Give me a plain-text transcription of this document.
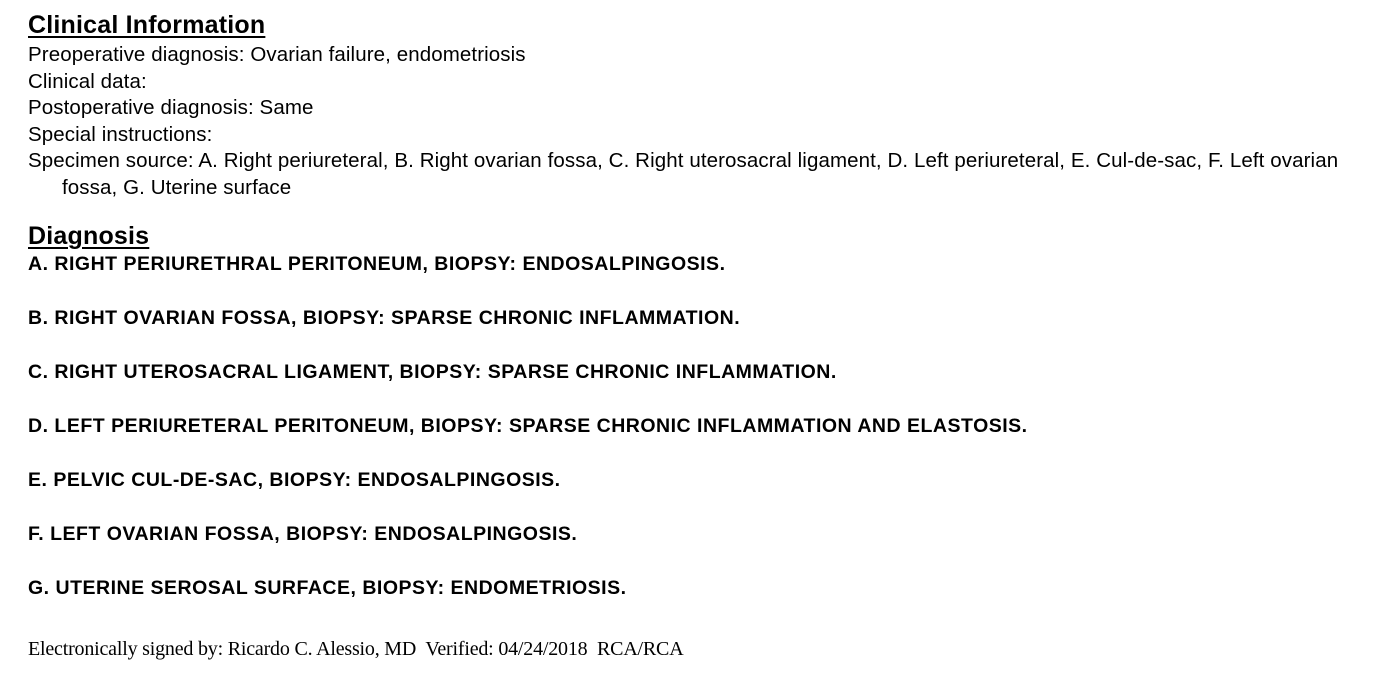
Clinical Information
Preoperative diagnosis: Ovarian failure, endometriosis
Clinical data:
Postoperative diagnosis: Same
Special instructions:
Specimen source: A. Right periureteral, B. Right ovarian fossa, C. Right uterosacral ligament, D. Left periureteral, E. Cul-de-sac, F. Left ovarian fossa, G. Uterine surface
Diagnosis
A. RIGHT PERIURETHRAL PERITONEUM, BIOPSY: ENDOSALPINGOSIS.
B. RIGHT OVARIAN FOSSA, BIOPSY: SPARSE CHRONIC INFLAMMATION.
C. RIGHT UTEROSACRAL LIGAMENT, BIOPSY: SPARSE CHRONIC INFLAMMATION.
D. LEFT PERIURETERAL PERITONEUM, BIOPSY: SPARSE CHRONIC INFLAMMATION AND ELASTOSIS.
E. PELVIC CUL-DE-SAC, BIOPSY: ENDOSALPINGOSIS.
F. LEFT OVARIAN FOSSA, BIOPSY: ENDOSALPINGOSIS.
G. UTERINE SEROSAL SURFACE, BIOPSY: ENDOMETRIOSIS.
Electronically signed by: Ricardo C. Alessio, MD  Verified: 04/24/2018  RCA/RCA
